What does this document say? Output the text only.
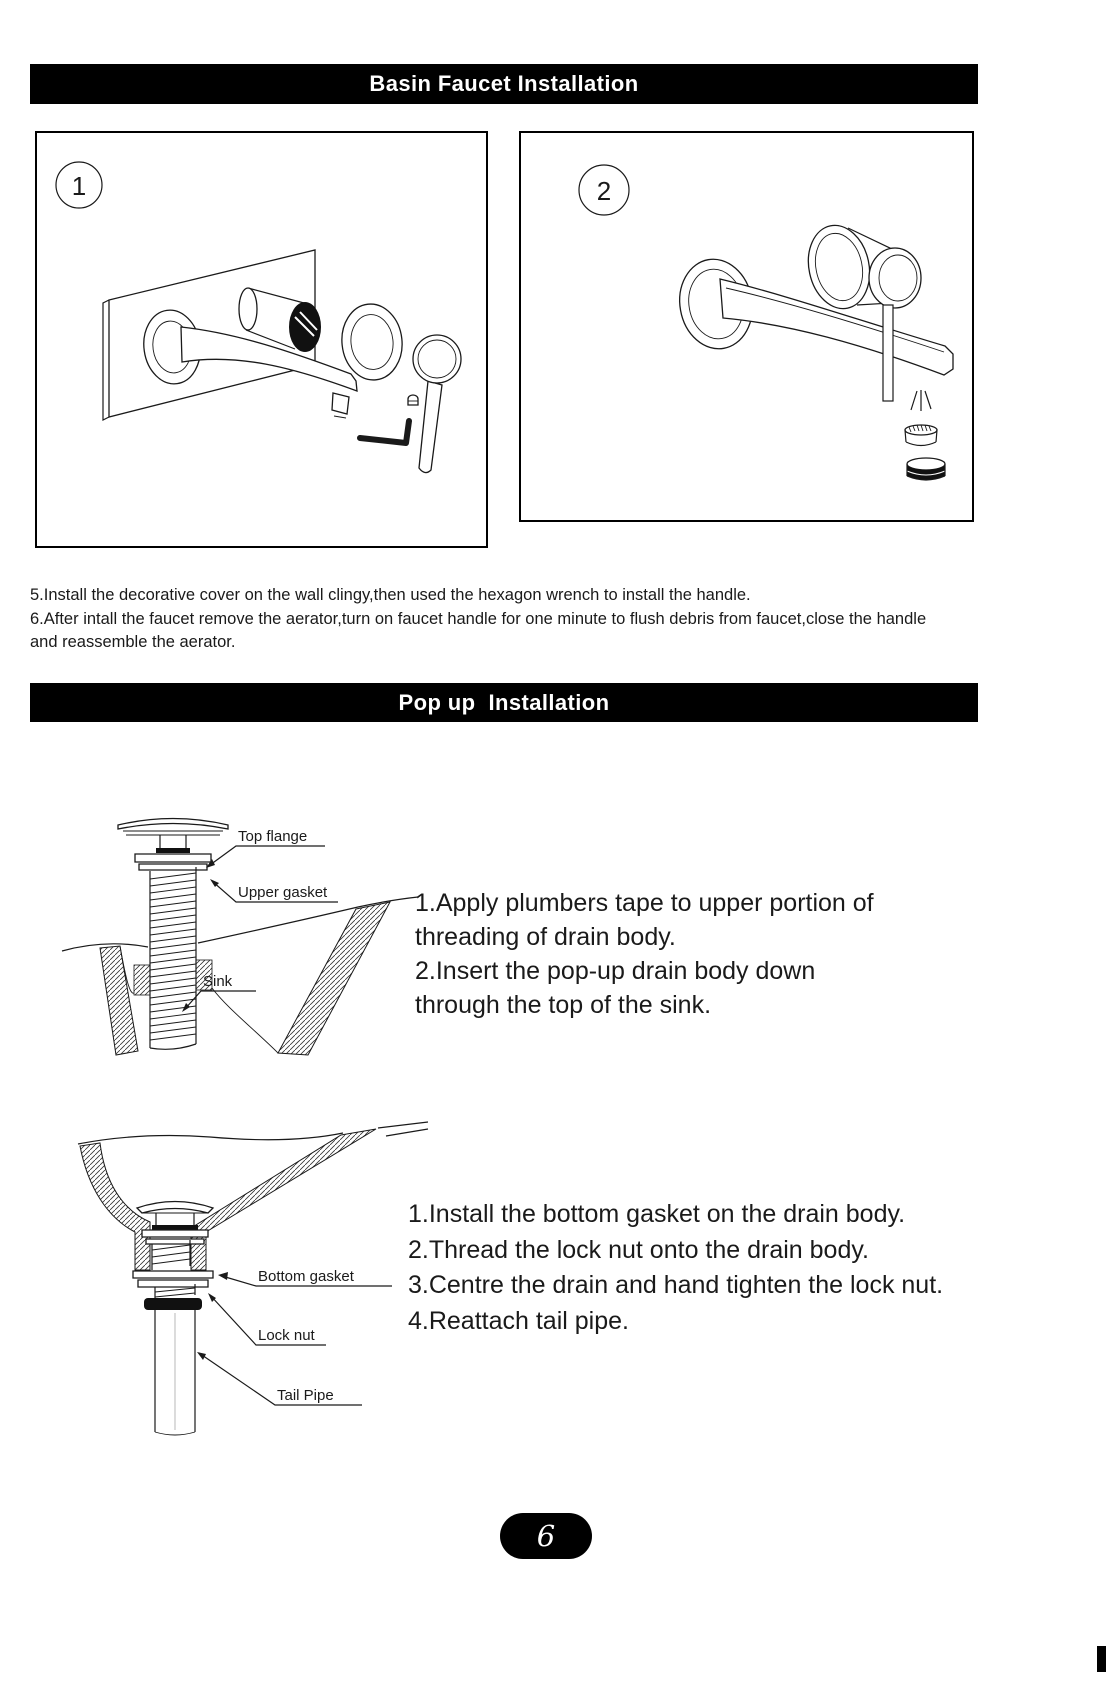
Basin Faucet Installation
1	2

5.Install the decorative cover on the wall clingy,then used the hexagon wrench to install the handle.

6.After intall the faucet remove the aerator,turn on faucet handle for one minute to flush debris from faucet,close the handle

and reassemble the aerator.

Pop up  Installation
Top flange
Upper gasket
Sink

1.Apply plumbers tape to upper portion of

threading of drain body.

2.Insert the pop-up drain body down

through the top of the sink.

Bottom gasket
Lock nut
Tail Pipe

1.Install the bottom gasket on the drain body.

2.Thread the lock nut onto the drain body.

3.Centre the drain and hand tighten the lock nut.

4.Reattach tail pipe.

6
